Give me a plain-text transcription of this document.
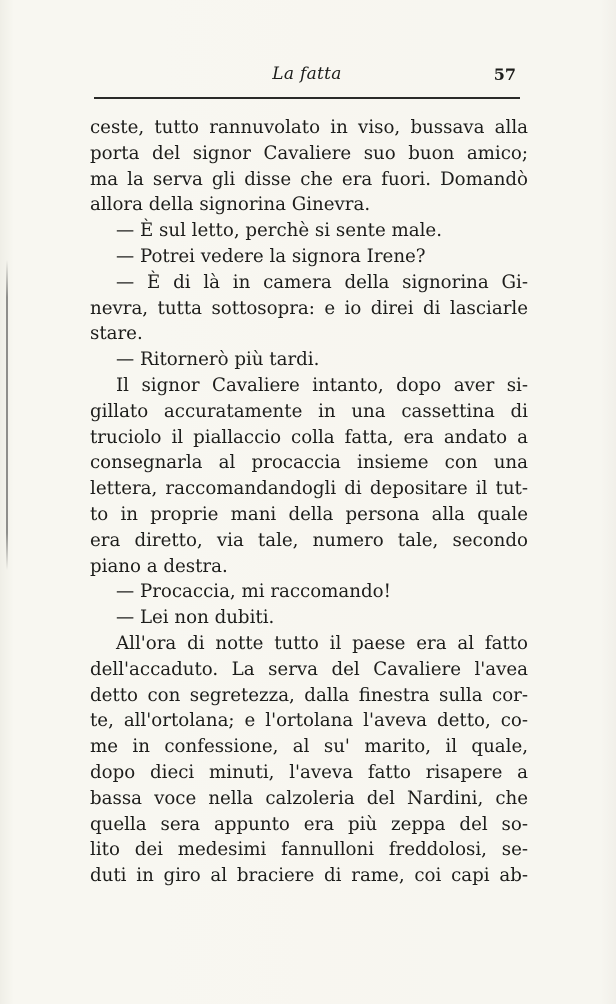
La fatta	57
ceste, tutto rannuvolato in viso, bussava alla
porta del signor Cavaliere suo buon amico;
ma la serva gli disse che era fuori. Domandò
allora della signorina Ginevra.
— È sul letto, perchè si sente male.
— Potrei vedere la signora Irene?
— È di là in camera della signorina Gi-
nevra, tutta sottosopra: e io direi di lasciarle
stare.
— Ritornerò più tardi.
Il signor Cavaliere intanto, dopo aver si-
gillato accuratamente in una cassettina di
truciolo il piallaccio colla fatta, era andato a
consegnarla al procaccia insieme con una
lettera, raccomandandogli di depositare il tut-
to in proprie mani della persona alla quale
era diretto, via tale, numero tale, secondo
piano a destra.
— Procaccia, mi raccomando!
— Lei non dubiti.
All'ora di notte tutto il paese era al fatto
dell'accaduto. La serva del Cavaliere l'avea
detto con segretezza, dalla finestra sulla cor-
te, all'ortolana; e l'ortolana l'aveva detto, co-
me in confessione, al su' marito, il quale,
dopo dieci minuti, l'aveva fatto risapere a
bassa voce nella calzoleria del Nardini, che
quella sera appunto era più zeppa del so-
lito dei medesimi fannulloni freddolosi, se-
duti in giro al braciere di rame, coi capi ab-
